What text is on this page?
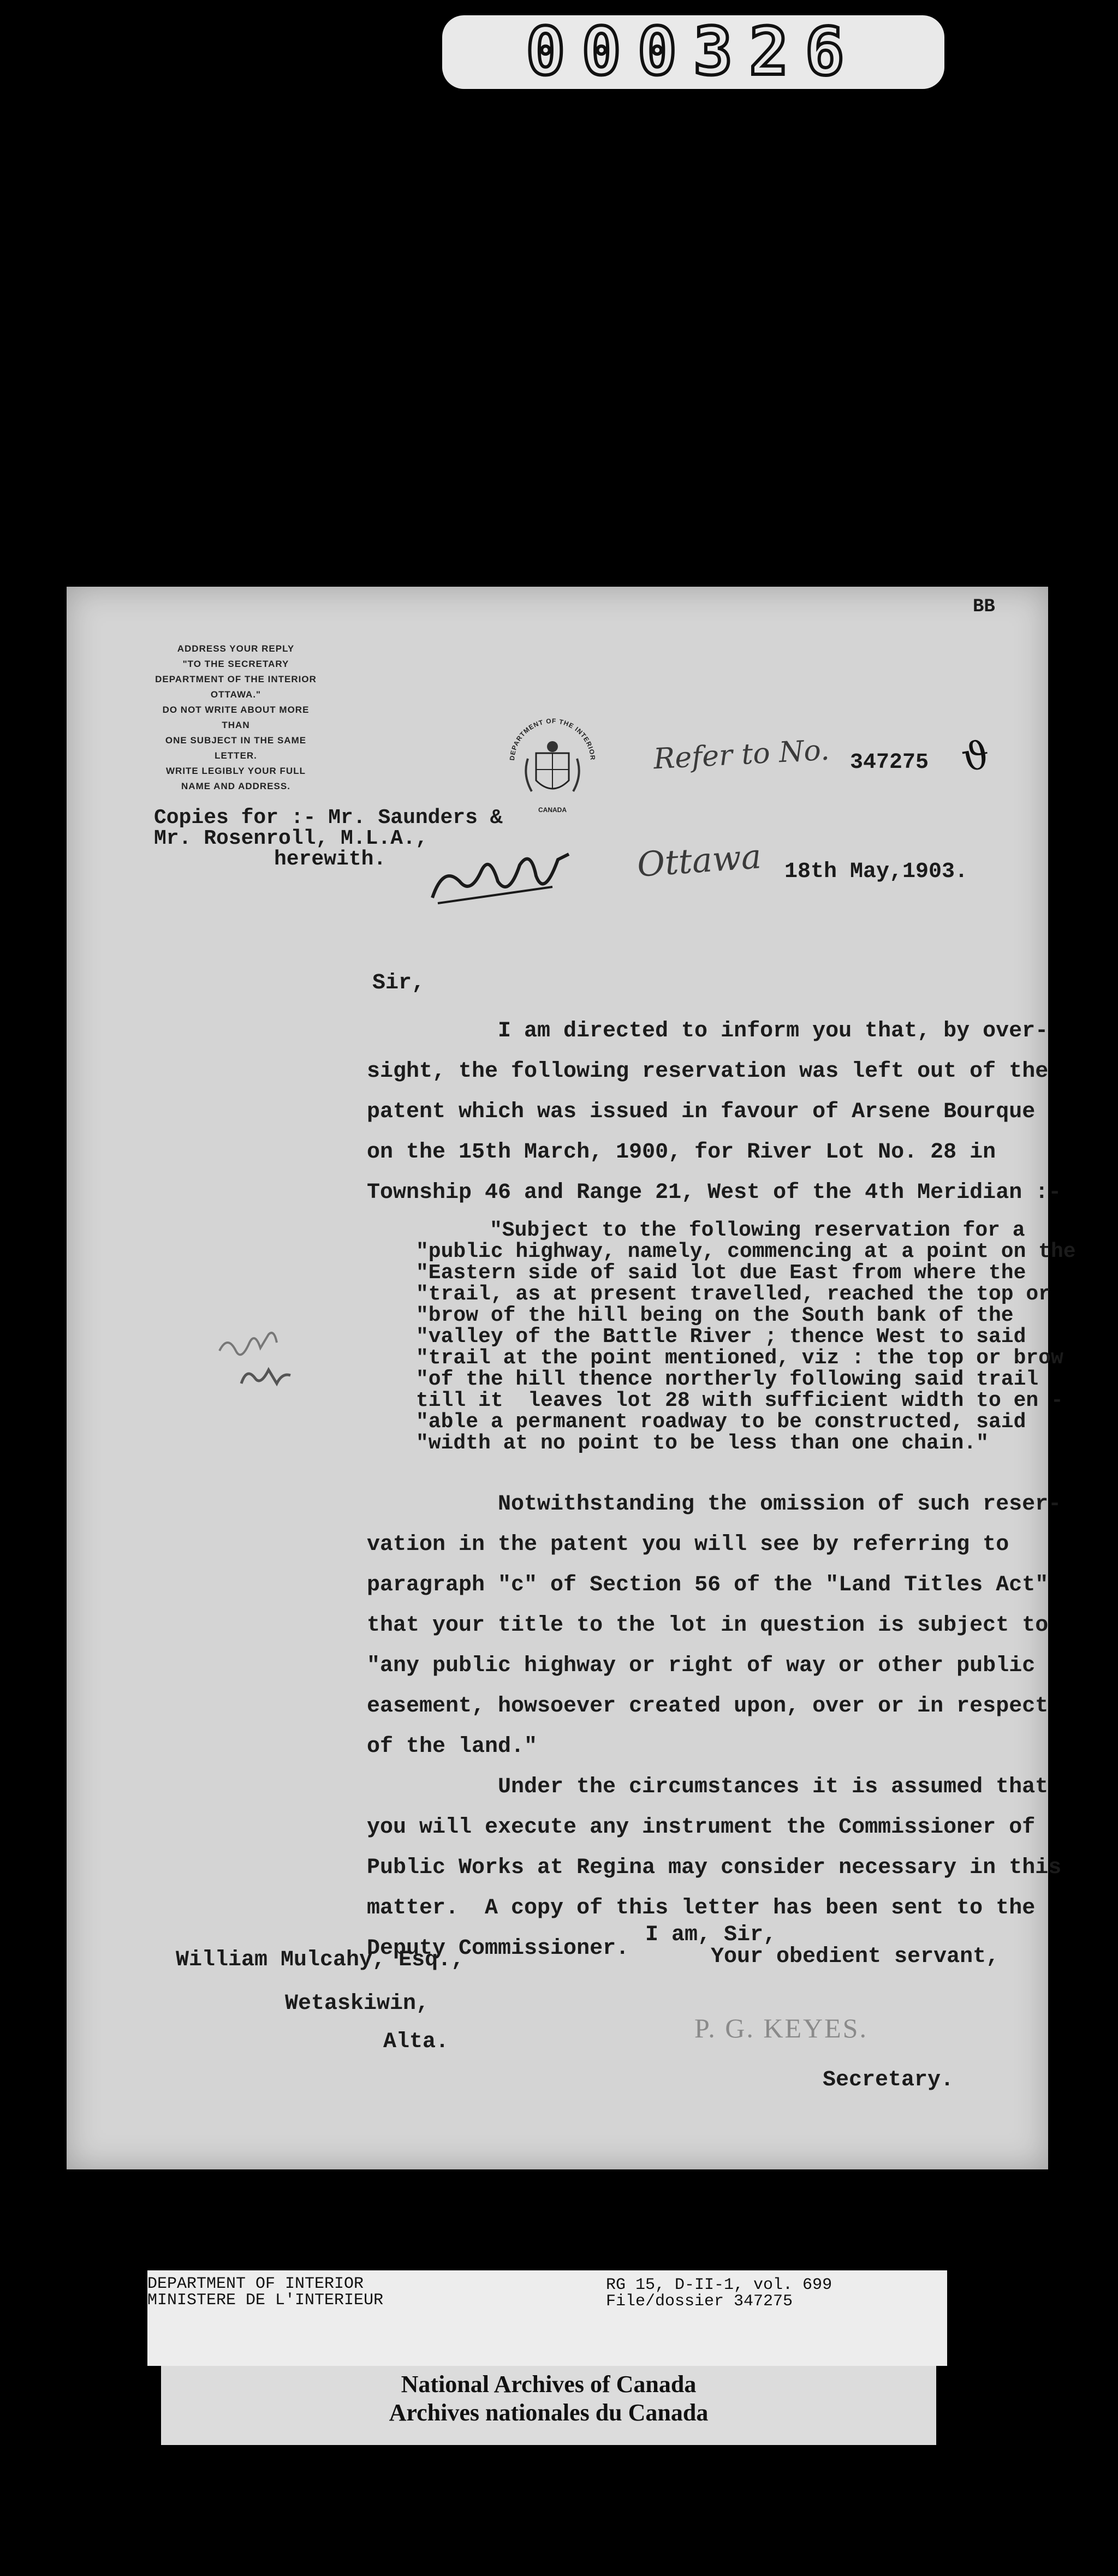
000326
BB
ADDRESS YOUR REPLY
"TO THE SECRETARY
DEPARTMENT OF THE INTERIOR
OTTAWA."
DO NOT WRITE ABOUT MORE THAN
ONE SUBJECT IN THE SAME LETTER.
WRITE LEGIBLY YOUR FULL
NAME AND ADDRESS.
DEPARTMENT OF THE INTERIOR
CANADA
Refer to No. 347275 ϑ
Copies for :- Mr. Saunders &
Mr. Rosenroll, M.L.A.,
herewith.	Ottawa 18th May,1903.
Sir,
I am directed to inform you that, by over-
sight, the following reservation was left out of the
patent which was issued in favour of Arsene Bourque
on the 15th March, 1900, for River Lot No. 28 in
Township 46 and Range 21, West of the 4th Meridian :-
"Subject to the following reservation for a
"public highway, namely, commencing at a point on the
"Eastern side of said lot due East from where the
"trail, as at present travelled, reached the top or
"brow of the hill being on the South bank of the
"valley of the Battle River ; thence West to said
"trail at the point mentioned, viz : the top or brow
"of the hill thence northerly following said trail
till it  leaves lot 28 with sufficient width to en -
"able a permanent roadway to be constructed, said
"width at no point to be less than one chain."
Notwithstanding the omission of such reser-
vation in the patent you will see by referring to
paragraph "c" of Section 56 of the "Land Titles Act"
that your title to the lot in question is subject to
"any public highway or right of way or other public
easement, howsoever created upon, over or in respect
of the land."
Under the circumstances it is assumed that
you will execute any instrument the Commissioner of
Public Works at Regina may consider necessary in this
matter.  A copy of this letter has been sent to the
Deputy Commissioner.
I am, Sir,
Your obedient servant,
William Mulcahy, Esq.,
Wetaskiwin,
Alta.	P. G. KEYES.
Secretary.
DEPARTMENT OF INTERIOR
MINISTERE DE L'INTERIEUR
RG 15, D-II-1, vol. 699
File/dossier 347275
National Archives of Canada
Archives nationales du Canada
